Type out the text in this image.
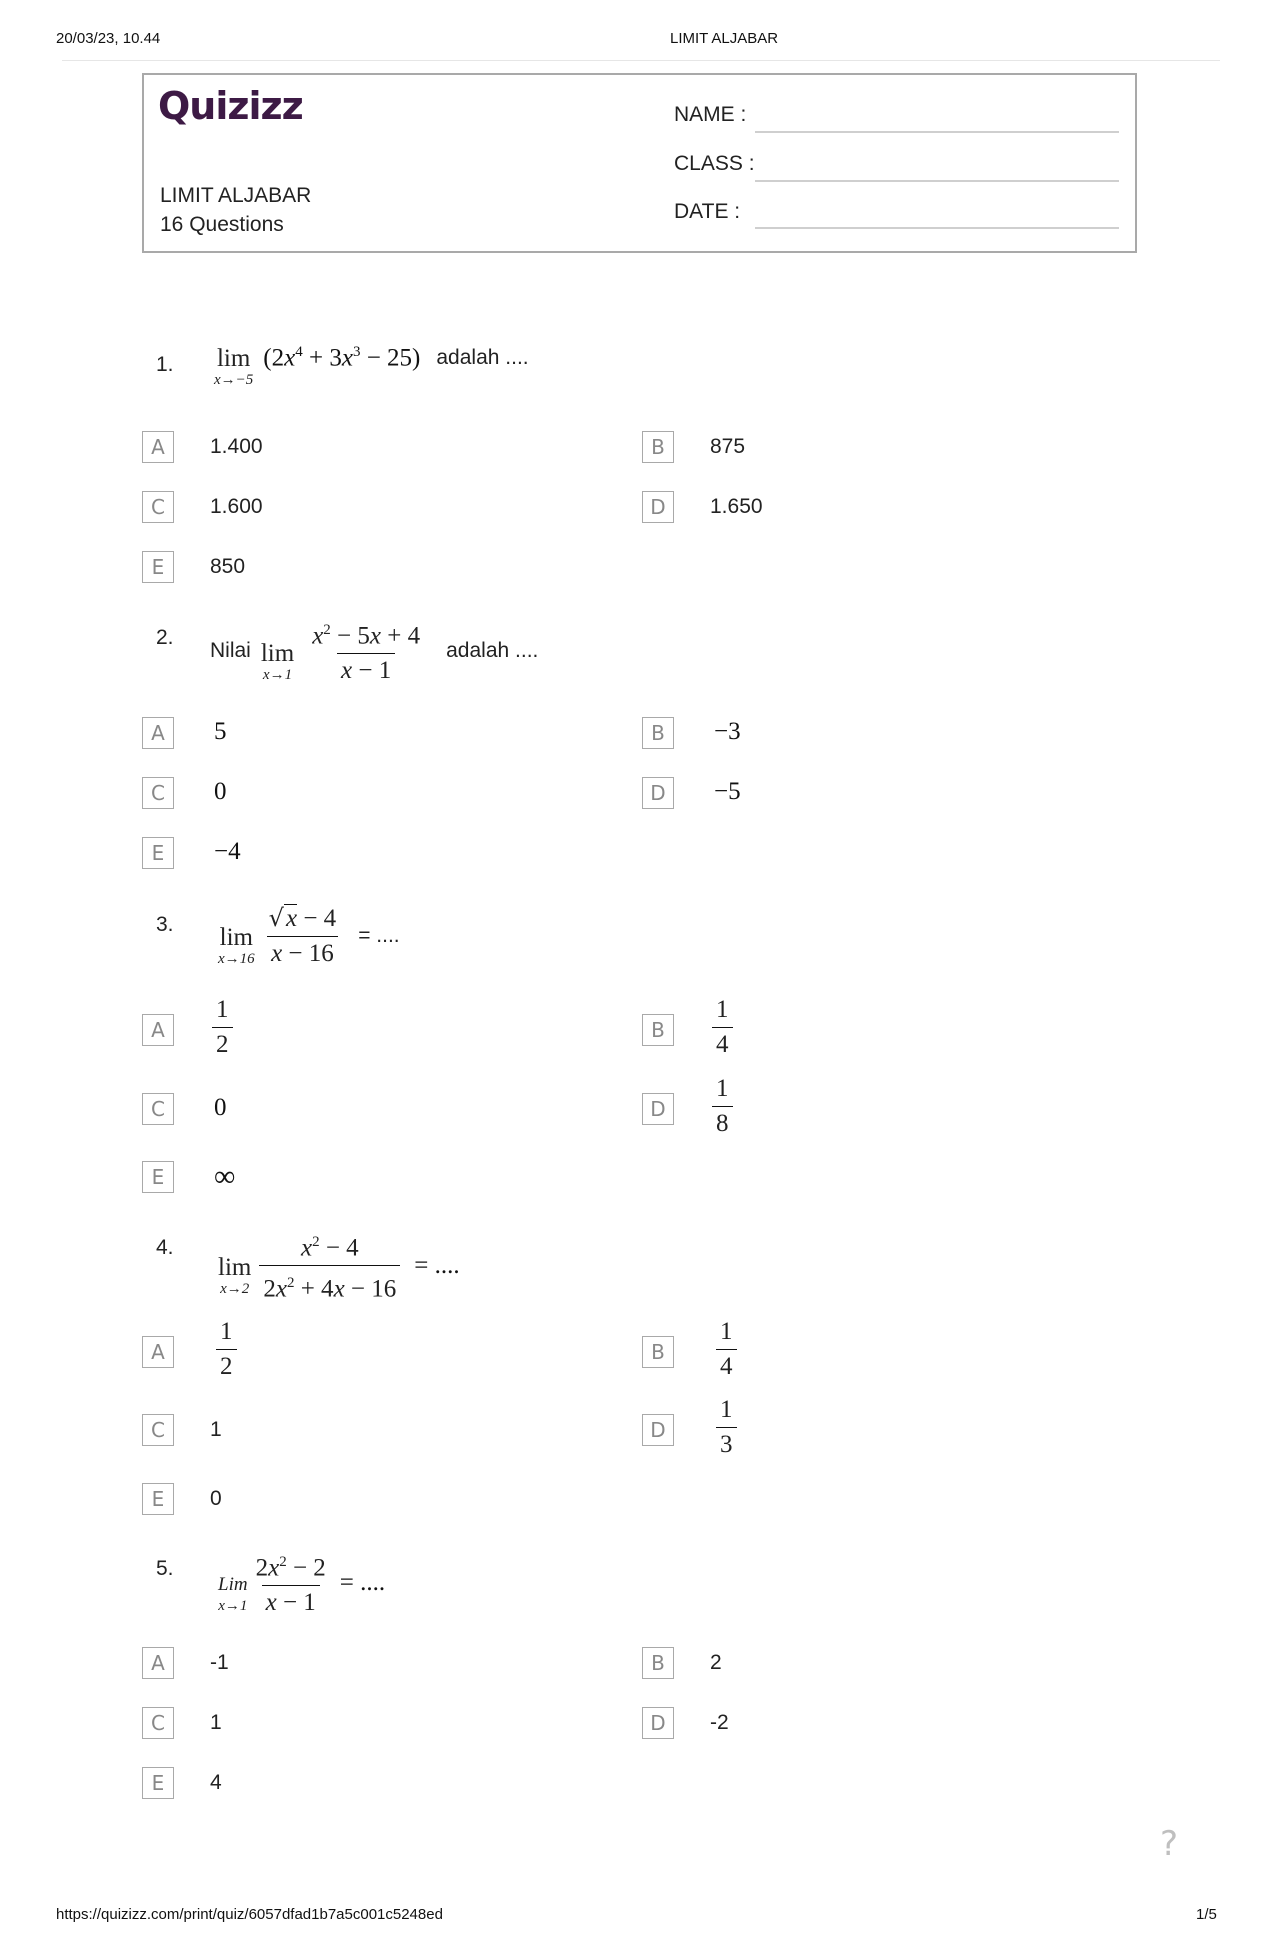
20/03/23, 10.44	LIMIT ALJABAR
Quizizz
LIMIT ALJABAR
16 Questions
NAME :
CLASS :
DATE :
1. lim
x→−5
$(2x^4 + 3x^3 - 25)$ adalah ....
A	1.400	B	875
C	1.600	D	1.650
E	850
2.
Nilai lim
$x\to 1 \frac{x^2 - 5x + 4}{x - 1}$ adalah ....
A	5	B	−3
C	0	D	−5
E	−4
3. lim
$x\to 16 \frac{√x - 4}{x - 16}$ = ....
A	$\frac{1}{2}$	B	$\frac{1}{4}$
C	0	D	$\frac{1}{8}$
E	∞
4.
lim
$x\to 2 \frac{x^2 - 4}{2x^2 + 4x - 16}$ = ....
A	$\frac{1}{2}$	B	$\frac{1}{4}$
C	1	D	$\frac{1}{3}$
E	0
5.
Lim
$x\to 1 \frac{2x^2 - 2}{x - 1}$ = ....
A	-1	B	2
C	1	D	-2
E	4
?
https://quizizz.com/print/quiz/6057dfad1b7a5c001c5248ed	1/5
